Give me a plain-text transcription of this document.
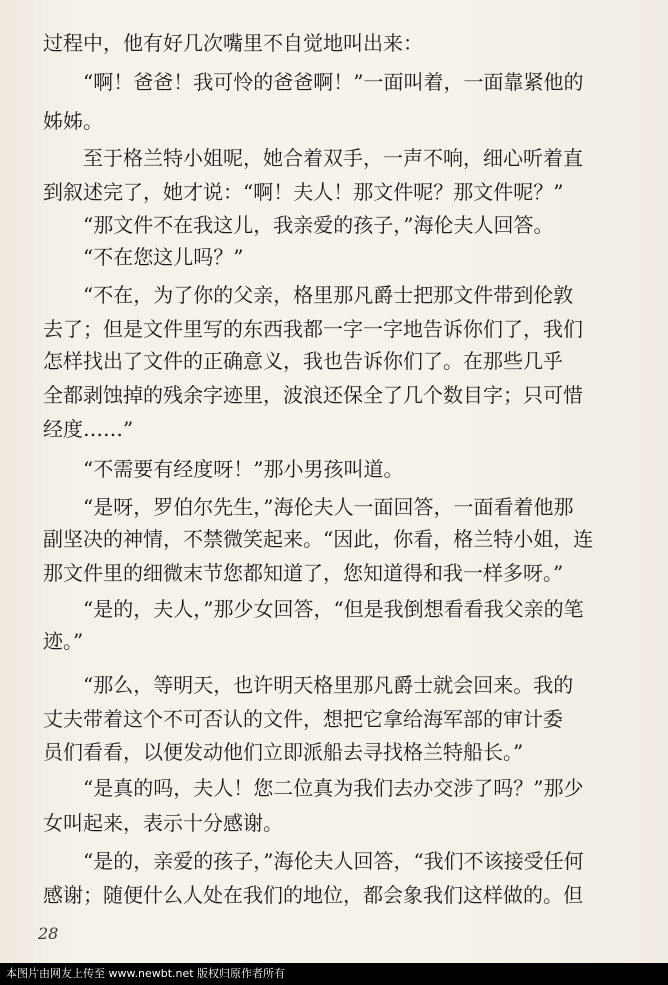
过程中，他有好几次嘴里不自觉地叫出来：
　　“啊！爸爸！我可怜的爸爸啊！”一面叫着，一面靠紧他的
姊姊。
　　至于格兰特小姐呢，她合着双手，一声不响，细心听着直
到叙述完了，她才说：“啊！夫人！那文件呢？那文件呢？”
　　“那文件不在我这儿，我亲爱的孩子，”海伦夫人回答。
　　“不在您这儿吗？”
　　“不在，为了你的父亲，格里那凡爵士把那文件带到伦敦
去了；但是文件里写的东西我都一字一字地告诉你们了，我们
怎样找出了文件的正确意义，我也告诉你们了。在那些几乎
全都剥蚀掉的残余字迹里，波浪还保全了几个数目字；只可惜
经度……”
　　“不需要有经度呀！”那小男孩叫道。
　　“是呀，罗伯尔先生，”海伦夫人一面回答，一面看着他那
副坚决的神情，不禁微笑起来。“因此，你看，格兰特小姐，连
那文件里的细微末节您都知道了，您知道得和我一样多呀。”
　　“是的，夫人，”那少女回答，“但是我倒想看看我父亲的笔
迹。”
　　“那么，等明天，也许明天格里那凡爵士就会回来。我的
丈夫带着这个不可否认的文件，想把它拿给海军部的审计委
员们看看，以便发动他们立即派船去寻找格兰特船长。”
　　“是真的吗，夫人！您二位真为我们去办交涉了吗？”那少
女叫起来，表示十分感谢。
　　“是的，亲爱的孩子，”海伦夫人回答，“我们不该接受任何
感谢；随便什么人处在我们的地位，都会象我们这样做的。但
28
本图片由网友上传至 www.newbt.net 版权归原作者所有
